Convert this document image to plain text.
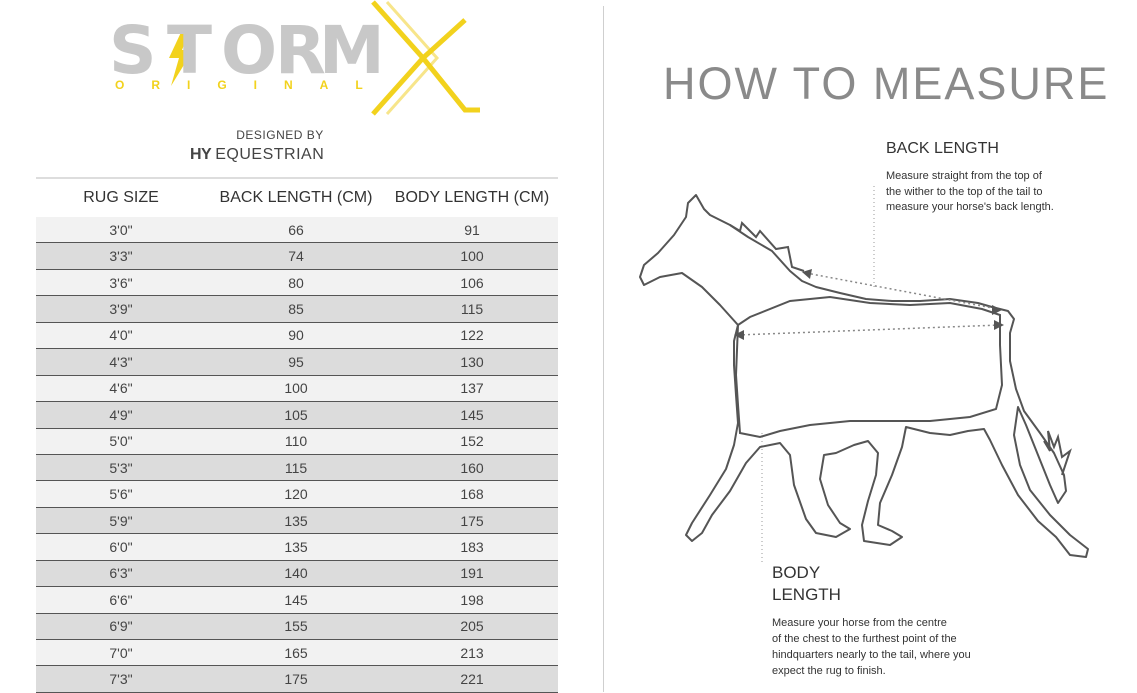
S T O R
M
ORIGINAL
DESIGNED BY
HY EQUESTRIAN
RUG SIZE	BACK LENGTH (CM)	BODY LENGTH (CM)
3'0"	66	91
3'3"	74	100
3'6"	80	106
3'9"	85	115
4'0"	90	122
4'3"	95	130
4'6"	100	137
4'9"	105	145
5'0"	110	152
5'3"	115	160
5'6"	120	168
5'9"	135	175
6'0"	135	183
6'3"	140	191
6'6"	145	198
6'9"	155	205
7'0"	165	213
7'3"	175	221
HOW TO MEASURE
BACK LENGTH
Measure straight from the top of
the wither to the top of the tail to
measure your horse's back length.
BODY
LENGTH
Measure your horse from the centre
of the chest to the furthest point of the
hindquarters nearly to the tail, where you
expect the rug to finish.
